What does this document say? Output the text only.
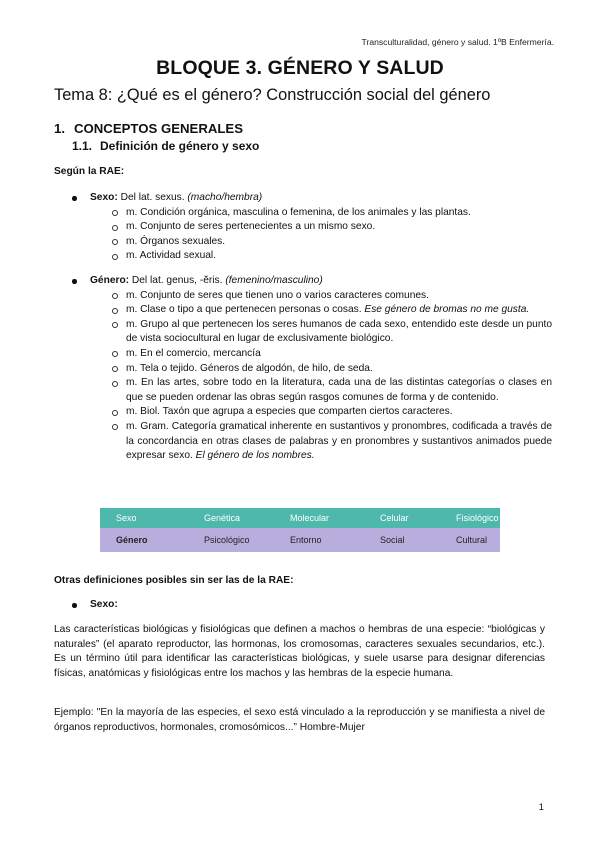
Transculturalidad, género y salud. 1ºB Enfermería.
BLOQUE 3. GÉNERO Y SALUD
Tema 8: ¿Qué es el género? Construcción social del género
1. CONCEPTOS GENERALES
1.1. Definición de género y sexo
Según la RAE:
Sexo: Del lat. sexus. (macho/hembra)
m. Condición orgánica, masculina o femenina, de los animales y las plantas.
m. Conjunto de seres pertenecientes a un mismo sexo.
m. Órganos sexuales.
m. Actividad sexual.
Género: Del lat. genus, -ĕris. (femenino/masculino)
m. Conjunto de seres que tienen uno o varios caracteres comunes.
m. Clase o tipo a que pertenecen personas o cosas. Ese género de bromas no me gusta.
m. Grupo al que pertenecen los seres humanos de cada sexo, entendido este desde un punto de vista sociocultural en lugar de exclusivamente biológico.
m. En el comercio, mercancía
m. Tela o tejido. Géneros de algodón, de hilo, de seda.
m. En las artes, sobre todo en la literatura, cada una de las distintas categorías o clases en que se pueden ordenar las obras según rasgos comunes de forma y de contenido.
m. Biol. Taxón que agrupa a especies que comparten ciertos caracteres.
m. Gram. Categoría gramatical inherente en sustantivos y pronombres, codificada a través de la concordancia en otras clases de palabras y en pronombres y sustantivos animados puede expresar sexo. El género de los nombres.
Sexo	Genética	Molecular	Celular	Fisiológico
Género	Psicológico	Entorno	Social	Cultural
Otras definiciones posibles sin ser las de la RAE:
Sexo:
Las características biológicas y fisiológicas que definen a machos o hembras de una especie: “biológicas y naturales” (el aparato reproductor, las hormonas, los cromosomas, caracteres sexuales secundarios, etc.). Es un término útil para identificar las características biológicas, y suele usarse para designar diferencias físicas, anatómicas y fisiológicas entre los machos y las hembras de la especie humana.
Ejemplo: "En la mayoría de las especies, el sexo está vinculado a la reproducción y se manifiesta a nivel de órganos reproductivos, hormonales, cromosómicos...” Hombre-Mujer
1
